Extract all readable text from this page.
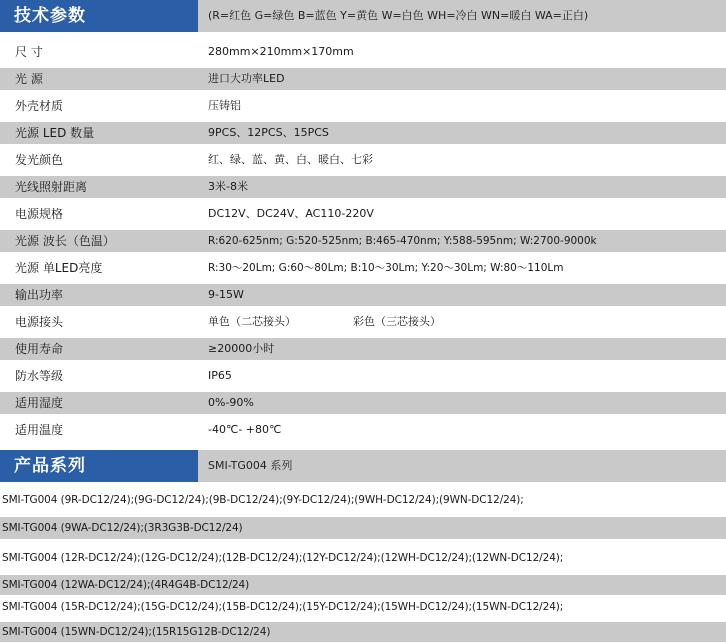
技术参数	(R=红色 G=绿色 B=蓝色 Y=黄色 W=白色 WH=冷白 WN=暖白 WA=正白)
尺 寸	280mm×210mm×170mm
光 源	进口大功率LED
外壳材质	压铸铝
光源 LED 数量	9PCS、12PCS、15PCS
发光颜色	红、绿、蓝、黄、白、暖白、七彩
光线照射距离	3米-8米
电源规格	DC12V、DC24V、AC110-220V
光源 波长（色温）	R:620-625nm; G:520-525nm; B:465-470nm; Y:588-595nm; W:2700-9000k
光源 单LED亮度	R:30～20Lm; G:60～80Lm; B:10～30Lm; Y:20～30Lm; W:80～110Lm
输出功率	9-15W
电源接头	单色（二芯接头）	彩色（三芯接头）
使用寿命	≥20000小时
防水等级	IP65
适用湿度	0%-90%
适用温度	-40℃- +80℃
产品系列	SMI-TG004 系列
SMI-TG004 (9R-DC12/24);(9G-DC12/24);(9B-DC12/24);(9Y-DC12/24);(9WH-DC12/24);(9WN-DC12/24);
SMI-TG004 (9WA-DC12/24);(3R3G3B-DC12/24)
SMI-TG004 (12R-DC12/24);(12G-DC12/24);(12B-DC12/24);(12Y-DC12/24);(12WH-DC12/24);(12WN-DC12/24);
SMI-TG004 (12WA-DC12/24);(4R4G4B-DC12/24)
SMI-TG004 (15R-DC12/24);(15G-DC12/24);(15B-DC12/24);(15Y-DC12/24);(15WH-DC12/24);(15WN-DC12/24);
SMI-TG004 (15WN-DC12/24);(15R15G12B-DC12/24)
